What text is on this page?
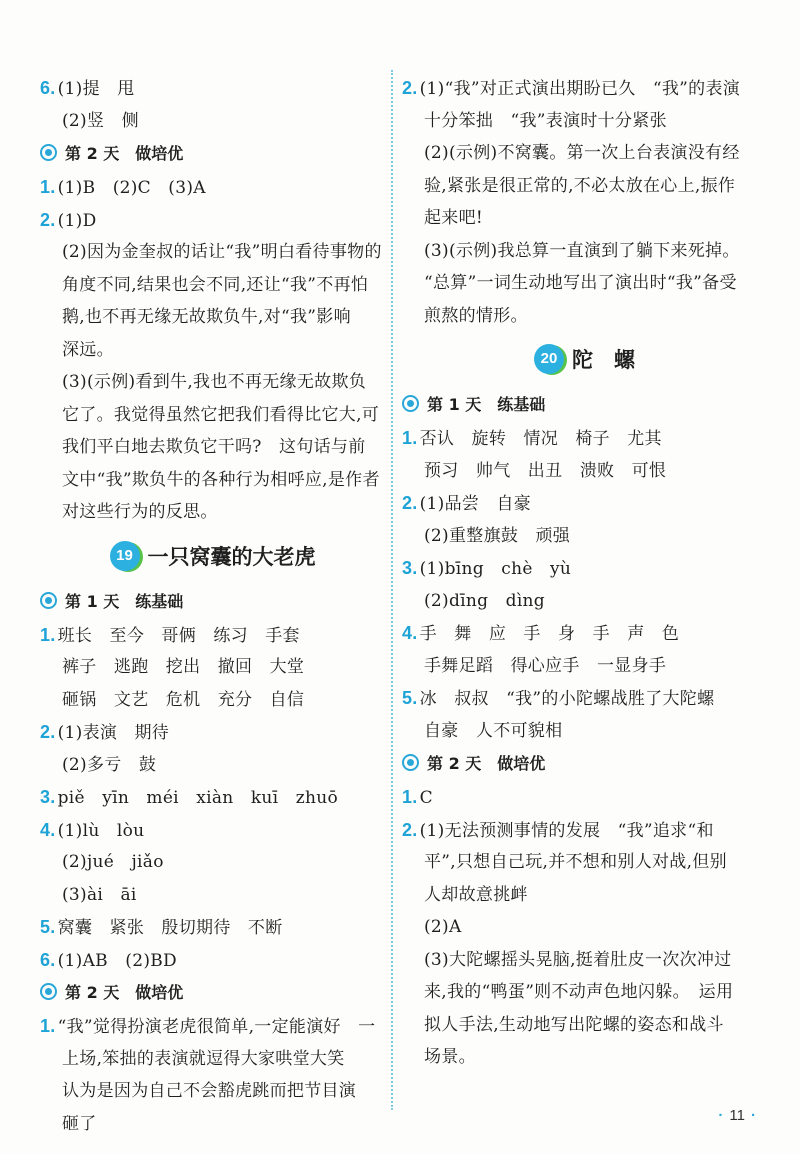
6. (1)提　甩
(2)竖　侧
第 2 天 做培优
1. (1)B　(2)C　(3)A
2. (1)D
(2)因为金奎叔的话让“我”明白看待事物的
角度不同,结果也会不同,还让“我”不再怕
鹅,也不再无缘无故欺负牛,对“我”影响
深远。
(3)(示例)看到牛,我也不再无缘无故欺负
它了。我觉得虽然它把我们看得比它大,可
我们平白地去欺负它干吗?　这句话与前
文中“我”欺负牛的各种行为相呼应,是作者
对这些行为的反思。
19 一只窝囊的大老虎
第 1 天 练基础
1. 班长　至今　哥俩　练习　手套
裤子　逃跑　挖出　撤回　大堂
砸锅　文艺　危机　充分　自信
2. (1)表演　期待
(2)多亏　鼓
3. piě　yīn　méi　xiàn　kuī　zhuō
4. (1)lù　lòu
(2)jué　jiǎo
(3)ài　āi
5. 窝囊　紧张　殷切期待　不断
6. (1)AB　(2)BD
第 2 天 做培优
1. “我”觉得扮演老虎很简单,一定能演好　一
上场,笨拙的表演就逗得大家哄堂大笑
认为是因为自己不会豁虎跳而把节目演
砸了
2. (1)“我”对正式演出期盼已久　“我”的表演
十分笨拙　“我”表演时十分紧张
(2)(示例)不窝囊。第一次上台表演没有经
验,紧张是很正常的,不必太放在心上,振作
起来吧!
(3)(示例)我总算一直演到了躺下来死掉。
“总算”一词生动地写出了演出时“我”备受
煎熬的情形。
20 陀　螺
第 1 天 练基础
1. 否认　旋转　情况　椅子　尤其
预习　帅气　出丑　溃败　可恨
2. (1)品尝　自豪
(2)重整旗鼓　顽强
3. (1)bīng　chè　yù
(2)dīng　dìng
4. 手　舞　应　手　身　手　声　色
手舞足蹈　得心应手　一显身手
5. 冰　叔叔　“我”的小陀螺战胜了大陀螺
自豪　人不可貌相
第 2 天 做培优
1. C
2. (1)无法预测事情的发展　“我”追求“和
平”,只想自己玩,并不想和别人对战,但别
人却故意挑衅
(2)A
(3)大陀螺摇头晃脑,挺着肚皮一次次冲过
来,我的“鸭蛋”则不动声色地闪躲。　运用
拟人手法,生动地写出陀螺的姿态和战斗
场景。
· 11 ·
